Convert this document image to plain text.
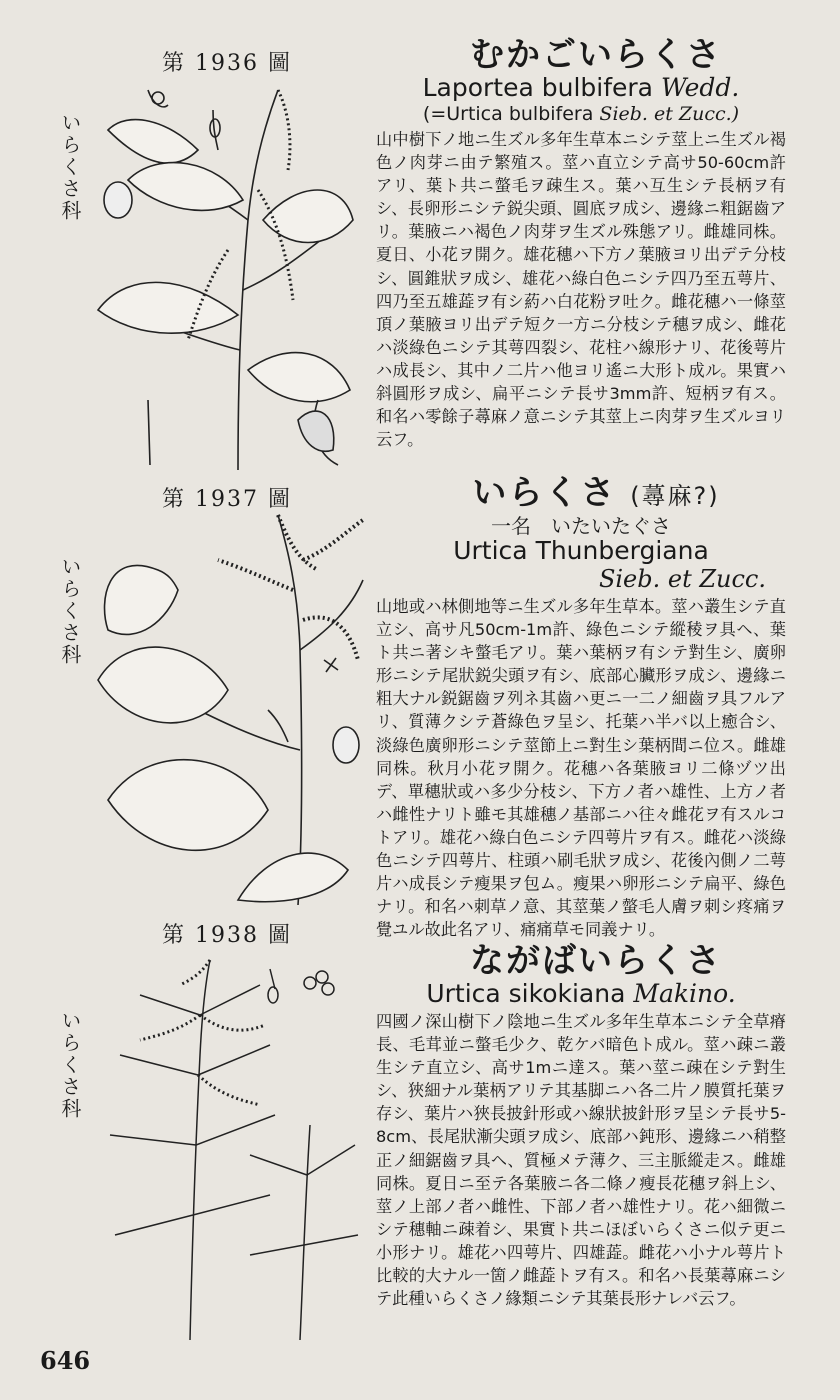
第 1936 圖
いらくさ科
むかごいらくさ
Laportea bulbifera Wedd.
(=Urtica bulbifera Sieb. et Zucc.)
山中樹下ノ地ニ生ズル多年生草本ニシテ莖上ニ生ズル褐色ノ肉芽ニ由テ繁殖ス。莖ハ直立シテ高サ50-60cm許アリ、葉ト共ニ螫毛ヲ疎生ス。葉ハ互生シテ長柄ヲ有シ、長卵形ニシテ鋭尖頭、圓底ヲ成シ、邊緣ニ粗鋸齒アリ。葉腋ニハ褐色ノ肉芽ヲ生ズル殊態アリ。雌雄同株。夏日、小花ヲ開ク。雄花穗ハ下方ノ葉腋ヨリ出デテ分枝シ、圓錐狀ヲ成シ、雄花ハ綠白色ニシテ四乃至五萼片、四乃至五雄蕋ヲ有シ葯ハ白花粉ヲ吐ク。雌花穗ハ一條莖頂ノ葉腋ヨリ出デテ短ク一方ニ分枝シテ穗ヲ成シ、雌花ハ淡綠色ニシテ其萼四裂シ、花柱ハ線形ナリ、花後萼片ハ成長シ、其中ノ二片ハ他ヨリ遙ニ大形ト成ル。果實ハ斜圓形ヲ成シ、扁平ニシテ長サ3mm許、短柄ヲ有ス。和名ハ零餘子蕁麻ノ意ニシテ其莖上ニ肉芽ヲ生ズルヨリ云フ。
第 1937 圖
いらくさ科
いらくさ (蕁麻?)
一名　いたいたぐさ
Urtica Thunbergiana
Sieb. et Zucc.
山地或ハ林側地等ニ生ズル多年生草本。莖ハ叢生シテ直立シ、高サ凡50cm-1m許、綠色ニシテ縱稜ヲ具ヘ、葉ト共ニ著シキ螫毛アリ。葉ハ葉柄ヲ有シテ對生シ、廣卵形ニシテ尾狀鋭尖頭ヲ有シ、底部心臟形ヲ成シ、邊緣ニ粗大ナル鋭鋸齒ヲ列ネ其齒ハ更ニ一二ノ細齒ヲ具フルアリ、質薄クシテ蒼綠色ヲ呈シ、托葉ハ半バ以上癒合シ、淡綠色廣卵形ニシテ莖節上ニ對生シ葉柄間ニ位ス。雌雄同株。秋月小花ヲ開ク。花穗ハ各葉腋ヨリ二條ヅツ出デ、單穗狀或ハ多少分枝シ、下方ノ者ハ雄性、上方ノ者ハ雌性ナリト雖モ其雄穗ノ基部ニハ往々雌花ヲ有スルコトアリ。雄花ハ綠白色ニシテ四萼片ヲ有ス。雌花ハ淡綠色ニシテ四萼片、柱頭ハ刷毛狀ヲ成シ、花後內側ノ二萼片ハ成長シテ瘦果ヲ包ム。瘦果ハ卵形ニシテ扁平、綠色ナリ。和名ハ刺草ノ意、其莖葉ノ螫毛人膚ヲ刺シ疼痛ヲ覺ユル故此名アリ、痛痛草モ同義ナリ。
第 1938 圖
いらくさ科
ながばいらくさ
Urtica sikokiana Makino.
四國ノ深山樹下ノ陰地ニ生ズル多年生草本ニシテ全草瘠長、毛茸並ニ螫毛少ク、乾ケバ暗色ト成ル。莖ハ疎ニ叢生シテ直立シ、高サ1mニ達ス。葉ハ莖ニ疎在シテ對生シ、狹細ナル葉柄アリテ其基脚ニハ各二片ノ膜質托葉ヲ存シ、葉片ハ狹長披針形或ハ線狀披針形ヲ呈シテ長サ5-8cm、長尾狀漸尖頭ヲ成シ、底部ハ鈍形、邊緣ニハ稍整正ノ細鋸齒ヲ具ヘ、質極メテ薄ク、三主脈縱走ス。雌雄同株。夏日ニ至テ各葉腋ニ各二條ノ瘦長花穗ヲ斜上シ、莖ノ上部ノ者ハ雌性、下部ノ者ハ雄性ナリ。花ハ細微ニシテ穗軸ニ疎着シ、果實ト共ニほぼいらくさニ似テ更ニ小形ナリ。雄花ハ四萼片、四雄蕋。雌花ハ小ナル萼片ト比較的大ナル一箇ノ雌蕋トヲ有ス。和名ハ長葉蕁麻ニシテ此種いらくさノ緣類ニシテ其葉長形ナレバ云フ。
646
